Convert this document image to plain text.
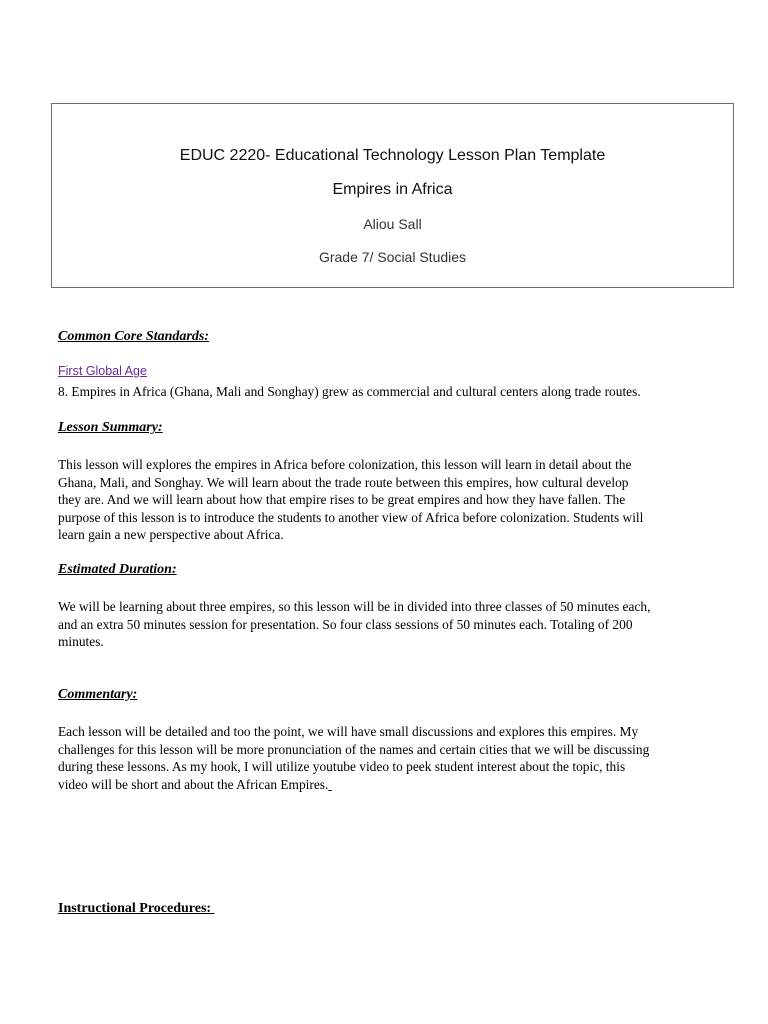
EDUC 2220- Educational Technology Lesson Plan Template
Empires in Africa
Aliou Sall
Grade 7/ Social Studies
Common Core Standards:
First Global Age

8. Empires in Africa (Ghana, Mali and Songhay) grew as commercial and cultural centers along trade routes.

Lesson Summary:
This lesson will explores the empires in Africa before colonization, this lesson will learn in detail about the
Ghana, Mali, and Songhay. We will learn about the trade route between this empires, how cultural develop
they are. And we will learn about how that empire rises to be great empires and how they have fallen. The
purpose of this lesson is to introduce the students to another view of Africa before colonization. Students will
learn gain a new perspective about Africa.
Estimated Duration:
We will be learning about three empires, so this lesson will be in divided into three classes of 50 minutes each,
and an extra 50 minutes session for presentation. So four class sessions of 50 minutes each. Totaling of 200
minutes.
Commentary:
Each lesson will be detailed and too the point, we will have small discussions and explores this empires. My
challenges for this lesson will be more pronunciation of the names and certain cities that we will be discussing
during these lessons. As my hook, I will utilize youtube video to peek student interest about the topic, this
video will be short and about the African Empires.
Instructional Procedures:
